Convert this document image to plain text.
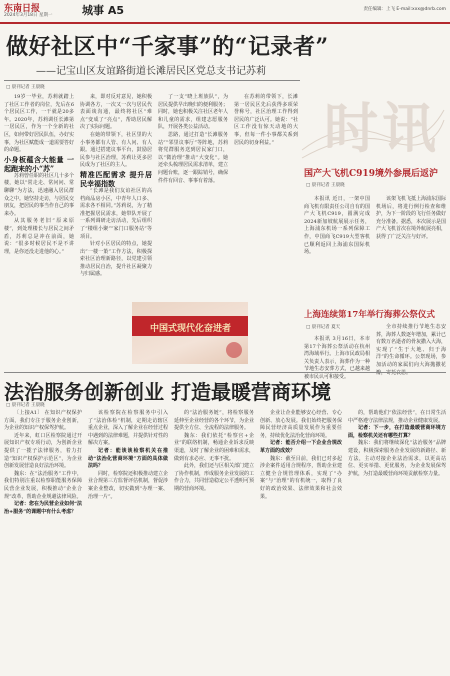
东南日报
2024年3月18日 星期一	城事 A5	责任编辑：上飞 E-mail:xxx@dnrb.com
做好社区中“千家事”的“记录者”
——记宝山区友谊路街道长滩居民区党总支书记苏莉
□ 晨刊记者 王晨晓

19岁一毕业，苏莉就踏上了社区工作者的岗位，先后在6个居民区工作，一干就是20多年。2020年，苏莉调任长滩第一居民区，作为一个全新的社区，如何带好居民队伍，办好实事，为社区赋能成一道需要答好的命题。

小身板蕴含大能量 一起跑来的小“苏”

苏莉曾任职的社区几十多个楼，她以“常走走、常问问、常聊聊”为方法，迅速融入居民群众之中。她坚持走访，与居民交朋友，把居民的事当作自己的事来办。

从其服务老旧“原来原楼”，到处理楼长与居民之间矛盾，苏莉总是冲在前面，她说：“很多时候居民不是不讲理，是你还没走进他的心。”

来，即对反对意见，她积极协调各方，一次又一次与居民代表面谈沟通，最终将社区“难点”变成了“亮点”，帮助居民解决了实际问题。

在她的带领下，社区里的大小事务都有人管、有人问、有人跟。通过搭建议事平台，鼓励居民参与社区治理，苏莉让更多居民成为了社区的主人。

精准匹配需求 提升居民幸福指数

“长滩是我们友谊社区的高档商品房小区，中青年人口多、需求各不相同。”苏莉说，为了精准把握居民需求，她带队开展了一系列调研走访活动，先后组织了“楼组小聚”“家门口服务站”等项目。

针对小区居民的特点，她提出“一楼一策”工作方法，积极探索社区治理新路径，以党建引领推动居民自治，提升社区凝聚力与归属感。

了一支“晓上班族队”，为居民提供早出晚归的便利服务；同时，她也积极关注社区老年人和儿童的需求，组建志愿服务队，开展各类公益活动。

思路，通过打造“长滩服务站”“邻里议事厅”等阵地，苏莉将党群服务送到居民家门口，以“微治理”推动“大变化”。她还牵头梳理居民需求清单，建立问题台账，逐一跟踪销号，确保件件有回音、事事有着落。

在苏莉的带领下，长滩第一居民区先后获得多项荣誉称号，社区治理工作得到居民的广泛认可。她说：“社区工作没有惊天动地的大事，但每一件小事都关系到居民的切身利益。”

中国式现代化奋进者
时讯
国产大飞机C919境外参展后返沪
□ 晨刊记者 王晨晓

本报讯 近日，一架中国商飞机有限责任公司自有的国产大飞机C919，圆满完成2024新加坡航展展示任务，上海浦东机场一系列保障工作，中国商飞C919大型客机已顺利返回上海浦东国际机场。

该架飞机飞抵上海浦东国际机场后，将进行例行检查和维护，为下一阶段的飞行任务做好充分准备。据悉，本次展示是国产大飞机首次在境外航展亮相，获得了广泛关注与好评。

上海连续第17年举行海葬公祭仪式
□ 晨刊记者 夏天

本报讯 3月16日，本市第17个海葬公祭活动在杭州湾海域举行。上海市民政局相关负责人表示，海葬作为一种节地生态安葬方式，已越来越被市民认可和接受。

全市持续推行节地生态安葬，海葬人数逐年增加，累计已有数万名逝者的骨灰撒入大海，实现了“生于大地、归于海洋”的生命循环。公祭现场，参加活动的家属们向大海抛撒花

法治服务创新创业 打造最暖营商环境
□ 晨刊记者 王晨晓

〔上接A1〕 在知识产权保护方面，我们专注于服务企业创新，为企业的知识产权保驾护航。

近年来，虹口区检察院通过开展知识产权专项行动，为创新企业提供了一揽子法律服务，着力打造“知识产权保护示范区”，为企业创新发展营造良好法治环境。

魏东：在“法治服务”工作中，我们特别注重以检察职能服务保障民营企业发展，积极推动“企业合规”改革，帮助企业规避法律风险。

记者：您在为民营企业如何“法治+服务”的课题中有什么考虑？

该检察院在检察服务中引入了“法治体检”机制，定期走访辖区重点企业，深入了解企业在经营过程中遇到的法律难题，并提供针对性的解决方案。

记者：能谈谈检察机关在推动“法治化营商环境”方面的具体做法吗？

同时，检察院还积极推动建立企业合规第三方监督评估机制，督促涉案企业整改，切实做到“办理一案、治理一片”。

的“法治服务链”，将检察服务延伸至企业经营的各个环节，为企业提供全方位、全流程的法律服务。

魏东：我们依托“检察官+企业”的联络机制，畅通企业诉求反映渠道，及时了解企业的困难和需求，做到有求必应、无事不扰。

此外，我们还与区相关部门建立了协作机制，形成服务企业发展的工作合力，共同营造稳定公平透明可预期的营商环境。

企业让企业能够安心经营、专心创新、放心发展。我们始终把服务保障民营经济高质量发展作为重要任务，持续优化法治化营商环境。

记者：能否介绍一下企业合规改革方面的成效？

魏东：截至目前，我们已对多起涉企案件适用合规程序，帮助企业建立健全合规管理体系，实现了“办案”与“治理”的有机统一，取得了良好的政治效果、法律效果和社会效果。

的，帮助他们“依法经营”，在日常生活中严格遵守法律法规，推动企业健康发展。

记者：下一步，在打造最暖营商环境方面，检察机关还有哪些打算？

魏东：我们将继续深化“法治服务”品牌建设，积极探索服务企业发展的新路径、新方法，主动对接企业法治需求，以更高站位、更实举措、更优服务，为企业发展保驾护航，为打造最暖营商环境贡献检察力量。
